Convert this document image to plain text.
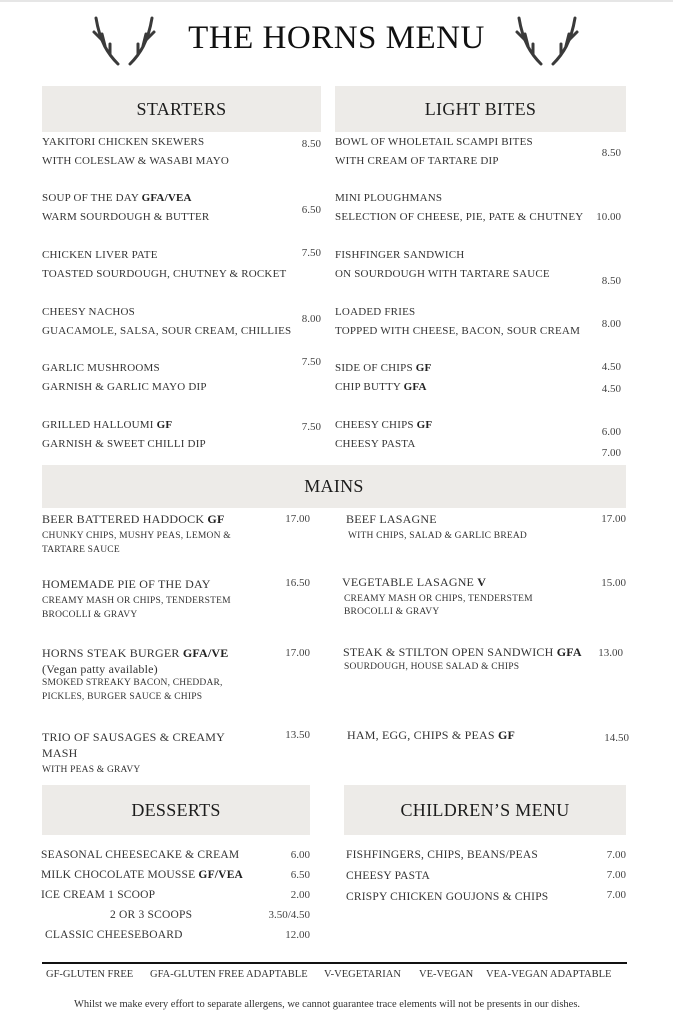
THE HORNS MENU
STARTERS
YAKITORI CHICKEN SKEWERS
WITH COLESLAW & WASABI MAYO
8.50
SOUP OF THE DAY GFA/VEA
WARM SOURDOUGH & BUTTER
6.50
CHICKEN LIVER PATE
TOASTED SOURDOUGH, CHUTNEY & ROCKET
7.50
CHEESY NACHOS
GUACAMOLE, SALSA, SOUR CREAM, CHILLIES
8.00
GARLIC MUSHROOMS
GARNISH & GARLIC MAYO DIP
7.50
GRILLED HALLOUMI GF
GARNISH & SWEET CHILLI DIP
7.50
LIGHT BITES
BOWL OF WHOLETAIL SCAMPI BITES
WITH CREAM OF TARTARE DIP
8.50
MINI PLOUGHMANS
SELECTION OF CHEESE, PIE, PATE & CHUTNEY	10.00
FISHFINGER SANDWICH
ON SOURDOUGH WITH TARTARE SAUCE
8.50
LOADED FRIES
TOPPED WITH CHEESE, BACON, SOUR CREAM
8.00
SIDE OF CHIPS GF	4.50
CHIP BUTTY GFA	4.50
CHEESY CHIPS GF
6.00
CHEESY PASTA
7.00
MAINS
BEER BATTERED HADDOCK GF
CHUNKY CHIPS, MUSHY PEAS, LEMON &
TARTARE SAUCE
17.00
HOMEMADE PIE OF THE DAY
CREAMY MASH OR CHIPS, TENDERSTEM
BROCOLLI & GRAVY
16.50
HORNS STEAK BURGER GFA/VE
(Vegan patty available)
SMOKED STREAKY BACON, CHEDDAR,
PICKLES, BURGER SAUCE & CHIPS
17.00
TRIO OF SAUSAGES & CREAMY
MASH
WITH PEAS & GRAVY
13.50
BEEF LASAGNE
WITH CHIPS, SALAD & GARLIC BREAD
17.00
VEGETABLE LASAGNE V
CREAMY MASH OR CHIPS, TENDERSTEM
BROCOLLI & GRAVY
15.00
STEAK & STILTON OPEN SANDWICH GFA
SOURDOUGH, HOUSE SALAD & CHIPS
13.00
HAM, EGG, CHIPS & PEAS GF	14.50
DESSERTS
SEASONAL CHEESECAKE & CREAM	6.00
MILK CHOCOLATE MOUSSE GF/VEA	6.50
ICE CREAM 1 SCOOP	2.00
2 OR 3 SCOOPS	3.50/4.50
CLASSIC CHEESEBOARD	12.00
CHILDREN’S MENU
FISHFINGERS, CHIPS, BEANS/PEAS	7.00
CHEESY PASTA	7.00
CRISPY CHICKEN GOUJONS & CHIPS	7.00
GF-GLUTEN FREE GFA-GLUTEN FREE ADAPTABLE V-VEGETARIAN VE-VEGAN VEA-VEGAN ADAPTABLE
Whilst we make every effort to separate allergens, we cannot guarantee trace elements will not be presents in our dishes.
